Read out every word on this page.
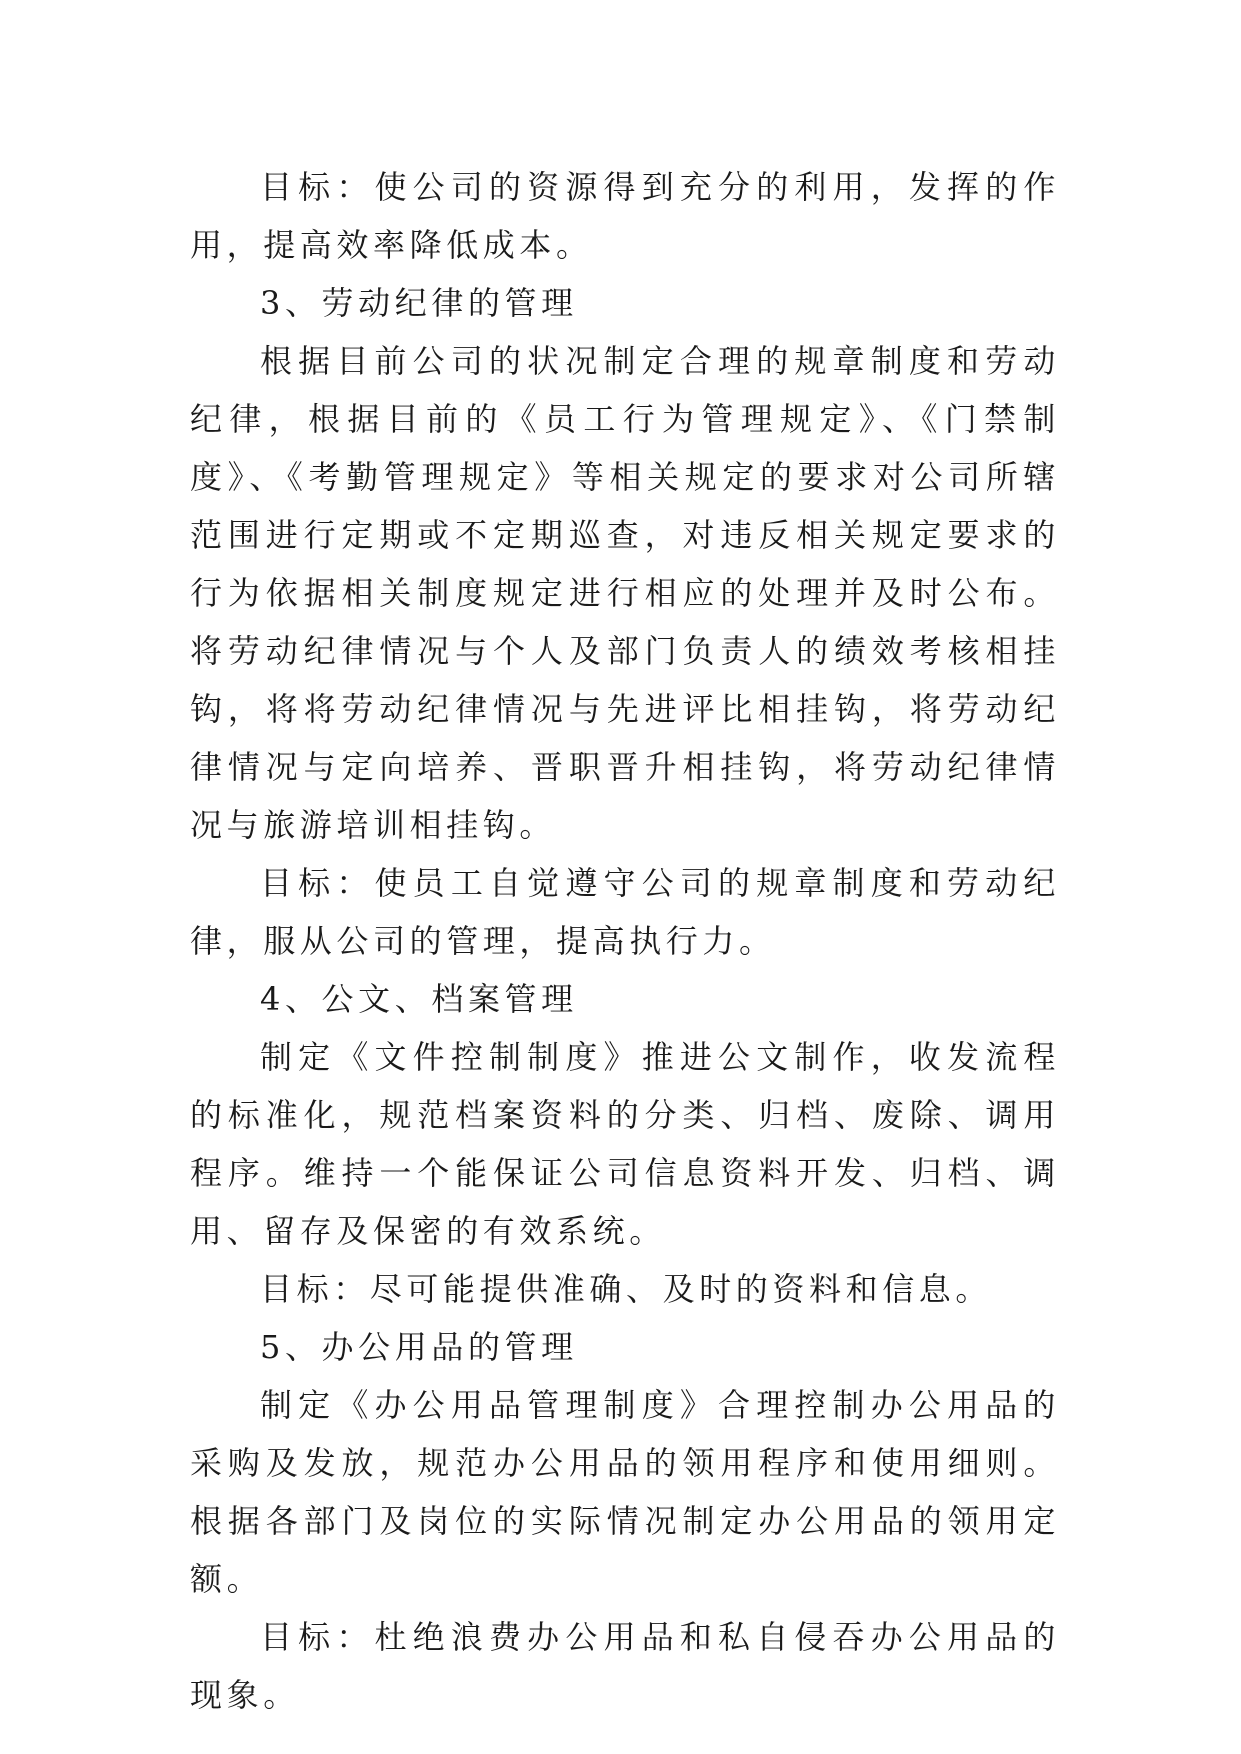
目标：使公司的资源得到充分的利用，发挥的作用，提高效率降低成本。

3、劳动纪律的管理

根据目前公司的状况制定合理的规章制度和劳动纪律，根据目前的《员工行为管理规定》、《门禁制度》、《考勤管理规定》等相关规定的要求对公司所辖范围进行定期或不定期巡查，对违反相关规定要求的行为依据相关制度规定进行相应的处理并及时公布。将劳动纪律情况与个人及部门负责人的绩效考核相挂钩，将将劳动纪律情况与先进评比相挂钩，将劳动纪律情况与定向培养、晋职晋升相挂钩，将劳动纪律情况与旅游培训相挂钩。

目标：使员工自觉遵守公司的规章制度和劳动纪律，服从公司的管理，提高执行力。

4、公文、档案管理

制定《文件控制制度》推进公文制作，收发流程的标准化，规范档案资料的分类、归档、废除、调用程序。维持一个能保证公司信息资料开发、归档、调用、留存及保密的有效系统。

目标：尽可能提供准确、及时的资料和信息。

5、办公用品的管理

制定《办公用品管理制度》合理控制办公用品的采购及发放，规范办公用品的领用程序和使用细则。根据各部门及岗位的实际情况制定办公用品的领用定额。

目标：杜绝浪费办公用品和私自侵吞办公用品的现象。
